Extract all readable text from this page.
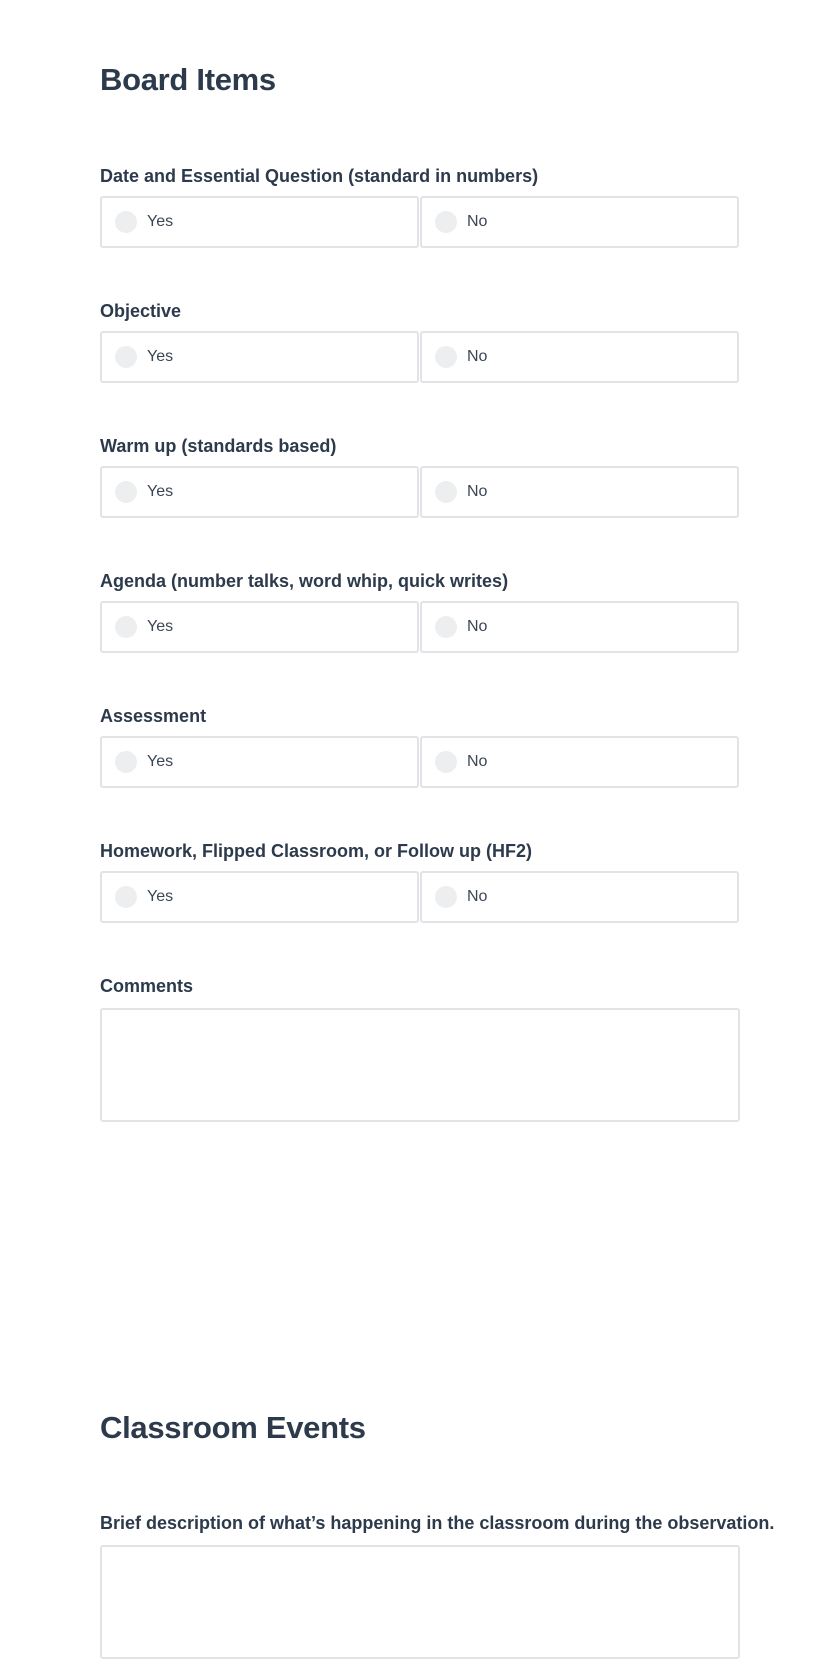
Board Items
Date and Essential Question (standard in numbers)
Yes	No
Objective
Yes	No
Warm up (standards based)
Yes	No
Agenda (number talks, word whip, quick writes)
Yes	No
Assessment
Yes	No
Homework, Flipped Classroom, or Follow up (HF2)
Yes	No
Comments
Classroom Events
Brief description of what’s happening in the classroom during the observation.
